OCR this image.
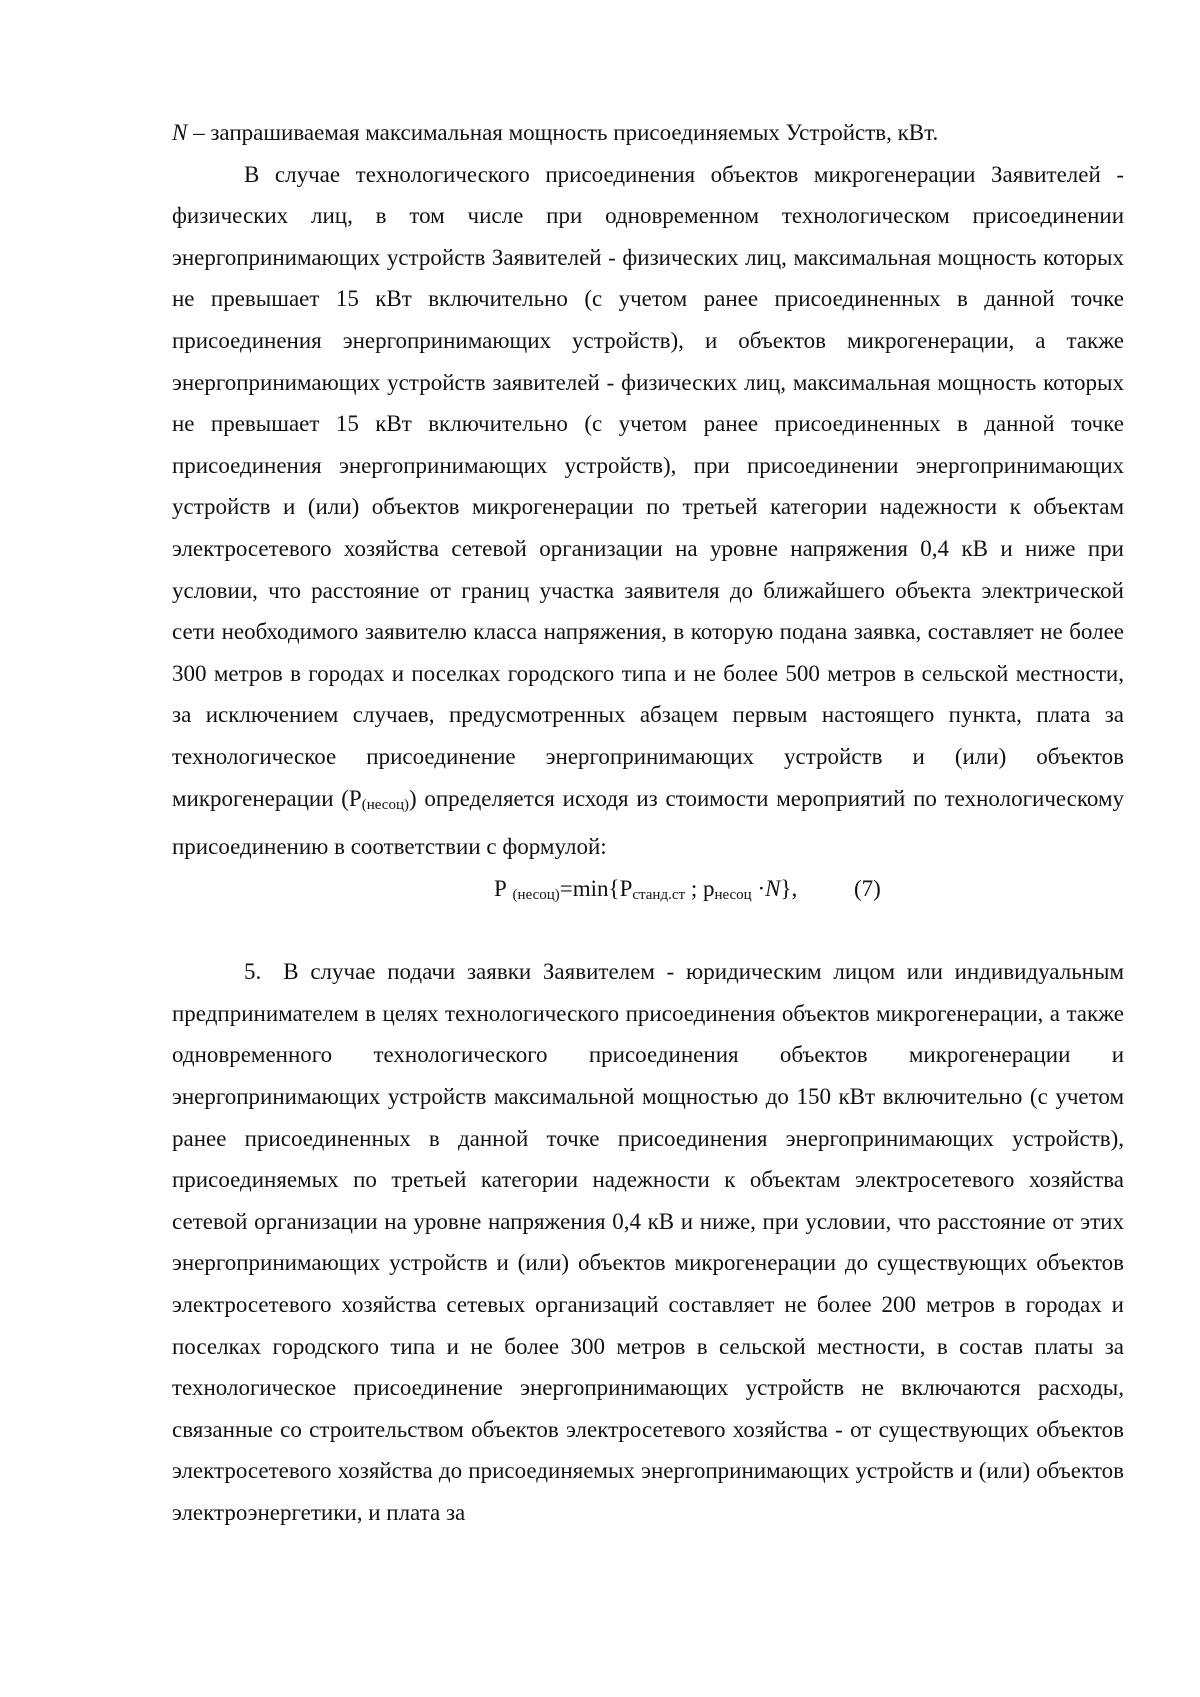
N – запрашиваемая максимальная мощность присоединяемых Устройств, кВт.

В случае технологического присоединения объектов микрогенерации Заявителей - физических лиц, в том числе при одновременном технологическом присоединении энергопринимающих устройств Заявителей - физических лиц, максимальная мощность которых не превышает 15 кВт включительно (с учетом ранее присоединенных в данной точке присоединения энергопринимающих устройств), и объектов микрогенерации, а также энергопринимающих устройств заявителей - физических лиц, максимальная мощность которых не превышает 15 кВт включительно (с учетом ранее присоединенных в данной точке присоединения энергопринимающих устройств), при присоединении энергопринимающих устройств и (или) объектов микрогенерации по третьей категории надежности к объектам электросетевого хозяйства сетевой организации на уровне напряжения 0,4 кВ и ниже при условии, что расстояние от границ участка заявителя до ближайшего объекта электрической сети необходимого заявителю класса напряжения, в которую подана заявка, составляет не более 300 метров в городах и поселках городского типа и не более 500 метров в сельской местности, за исключением случаев, предусмотренных абзацем первым настоящего пункта, плата за технологическое присоединение энергопринимающих устройств и (или) объектов микрогенерации $(Р_{(несоц)})$ определяется исходя из стоимости мероприятий по технологическому присоединению в соответствии с формулой:

Р $_{(несоц)}=\min\{Р_{станд.ст}$ ; $р_{несоц} \cdot N$}, (7)

5. В случае подачи заявки Заявителем - юридическим лицом или индивидуальным предпринимателем в целях технологического присоединения объектов микрогенерации, а также одновременного технологического присоединения объектов микрогенерации и энергопринимающих устройств максимальной мощностью до 150 кВт включительно (с учетом ранее присоединенных в данной точке присоединения энергопринимающих устройств), присоединяемых по третьей категории надежности к объектам электросетевого хозяйства сетевой организации на уровне напряжения 0,4 кВ и ниже, при условии, что расстояние от этих энергопринимающих устройств и (или) объектов микрогенерации до существующих объектов электросетевого хозяйства сетевых организаций составляет не более 200 метров в городах и поселках городского типа и не более 300 метров в сельской местности, в состав платы за технологическое присоединение энергопринимающих устройств не включаются расходы, связанные со строительством объектов электросетевого хозяйства - от существующих объектов электросетевого хозяйства до присоединяемых энергопринимающих устройств и (или) объектов электроэнергетики, и плата за
